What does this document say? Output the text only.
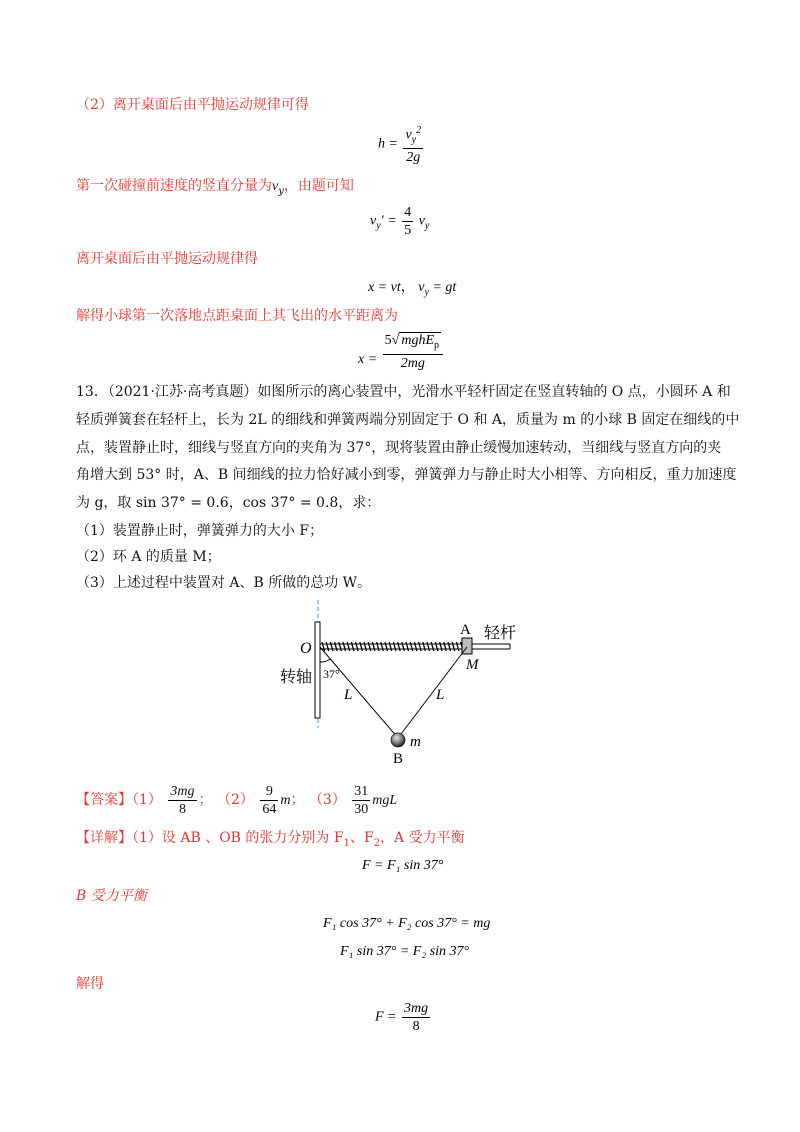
（2）离开桌面后由平抛运动规律可得
$h = \frac{v_y^2}{2g}$
第一次碰撞前速度的竖直分量为$v_y$，由题可知
$v_y' = \frac{4}{5} v_y$
离开桌面后由平抛运动规律得
x = vt， $v_y$ = gt
解得小球第一次落地点距桌面上其飞出的水平距离为
$x = \frac{5√ mghE_p}{2mg}$
13．（2021·江苏·高考真题）如图所示的离心装置中，光滑水平轻杆固定在竖直转轴的 O 点，小圆环 A 和
轻质弹簧套在轻杆上，长为 2L 的细线和弹簧两端分别固定于 O 和 A，质量为 m 的小球 B 固定在细线的中
点，装置静止时，细线与竖直方向的夹角为 37°，现将装置由静止缓慢加速转动，当细线与竖直方向的夹
角增大到 53° 时，A、B 间细线的拉力恰好减小到零，弹簧弹力与静止时大小相等、方向相反，重力加速度
为 g，取 sin 37° = 0.6，cos 37° = 0.8，求：
（1）装置静止时，弹簧弹力的大小 F；
（2）环 A 的质量 M；
（3）上述过程中装置对 A、B 所做的总功 W。
O
A 轻杆
M
转轴 37°
L	L
m
B
【答案】$(1) \frac{3mg}{8}$ ； $(2) \frac{9}{64}$ m； $(3) \frac{31}{30}$ mgL
【详解】（1）设 AB 、OB 的张力分别为 $F_1$、$F_2$，A 受力平衡
F = F₁ sin 37°
B 受力平衡
F₁ cos 37° + F₂ cos 37° = mg
F₁ sin 37° = F₂ sin 37°
解得
$F = \frac{3mg}{8}$
